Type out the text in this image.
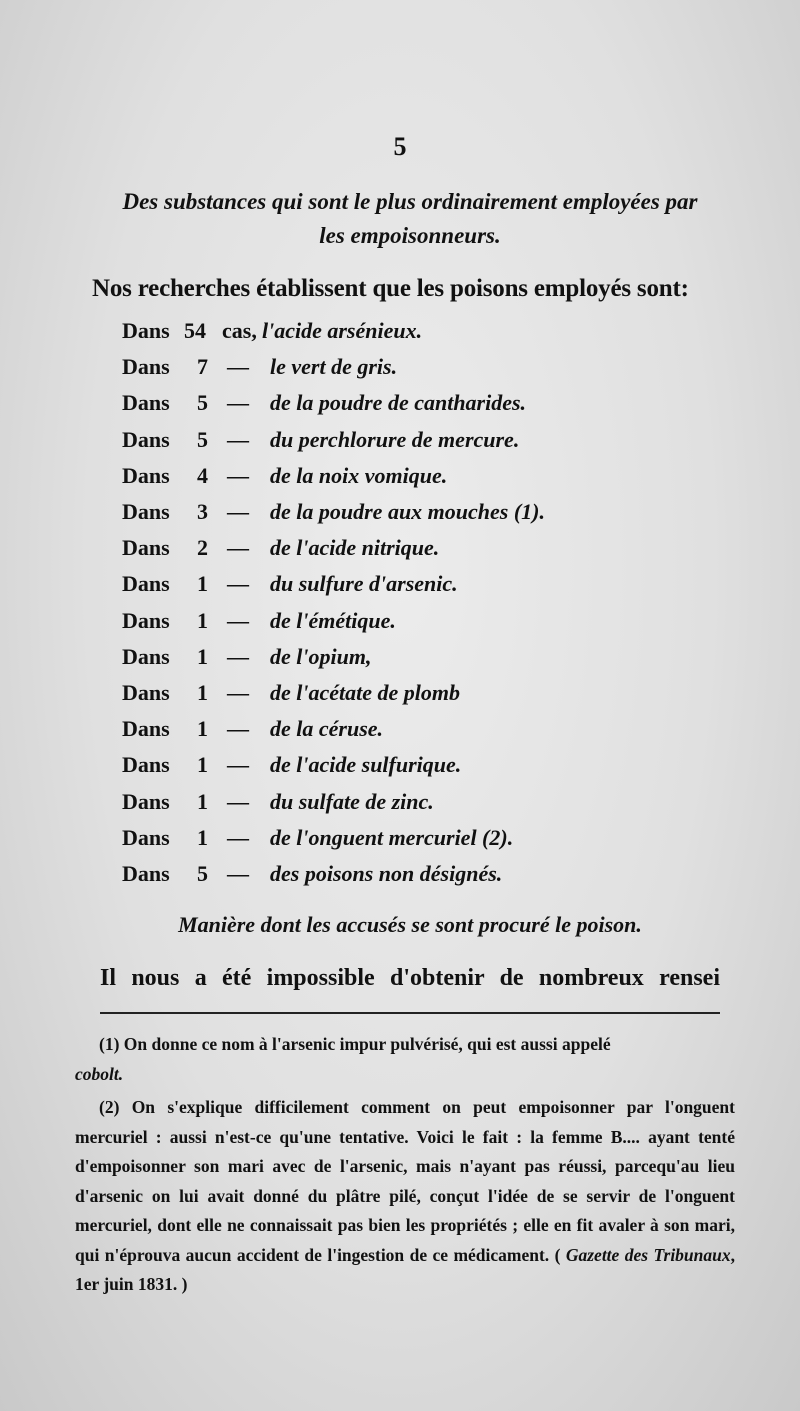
5
Des substances qui sont le plus ordinairement employées par
les empoisonneurs.
Nos recherches établissent que les poisons employés sont:
Dans 54 cas, l'acide arsénieux.
Dans 7 — le vert de gris.
Dans 5 — de la poudre de cantharides.
Dans 5 — du perchlorure de mercure.
Dans 4 — de la noix vomique.
Dans 3 — de la poudre aux mouches (1).
Dans 2 — de l'acide nitrique.
Dans 1 — du sulfure d'arsenic.
Dans 1 — de l'émétique.
Dans 1 — de l'opium,
Dans 1 — de l'acétate de plomb
Dans 1 — de la céruse.
Dans 1 — de l'acide sulfurique.
Dans 1 — du sulfate de zinc.
Dans 1 — de l'onguent mercuriel (2).
Dans 5 — des poisons non désignés.
Manière dont les accusés se sont procuré le poison.
Il nous a été impossible d'obtenir de nombreux rensei

(1) On donne ce nom à l'arsenic impur pulvérisé, qui est aussi appelé
cobolt.

(2) On s'explique difficilement comment on peut empoisonner par l'onguent mercuriel : aussi n'est-ce qu'une tentative. Voici le fait : la femme B.... ayant tenté d'empoisonner son mari avec de l'arsenic, mais n'ayant pas réussi, parcequ'au lieu d'arsenic on lui avait donné du plâtre pilé, conçut l'idée de se servir de l'onguent mercuriel, dont elle ne connaissait pas bien les propriétés ; elle en fit avaler à son mari, qui n'éprouva aucun accident de l'ingestion de ce médicament. ( Gazette des Tribunaux, 1er juin 1831. )
